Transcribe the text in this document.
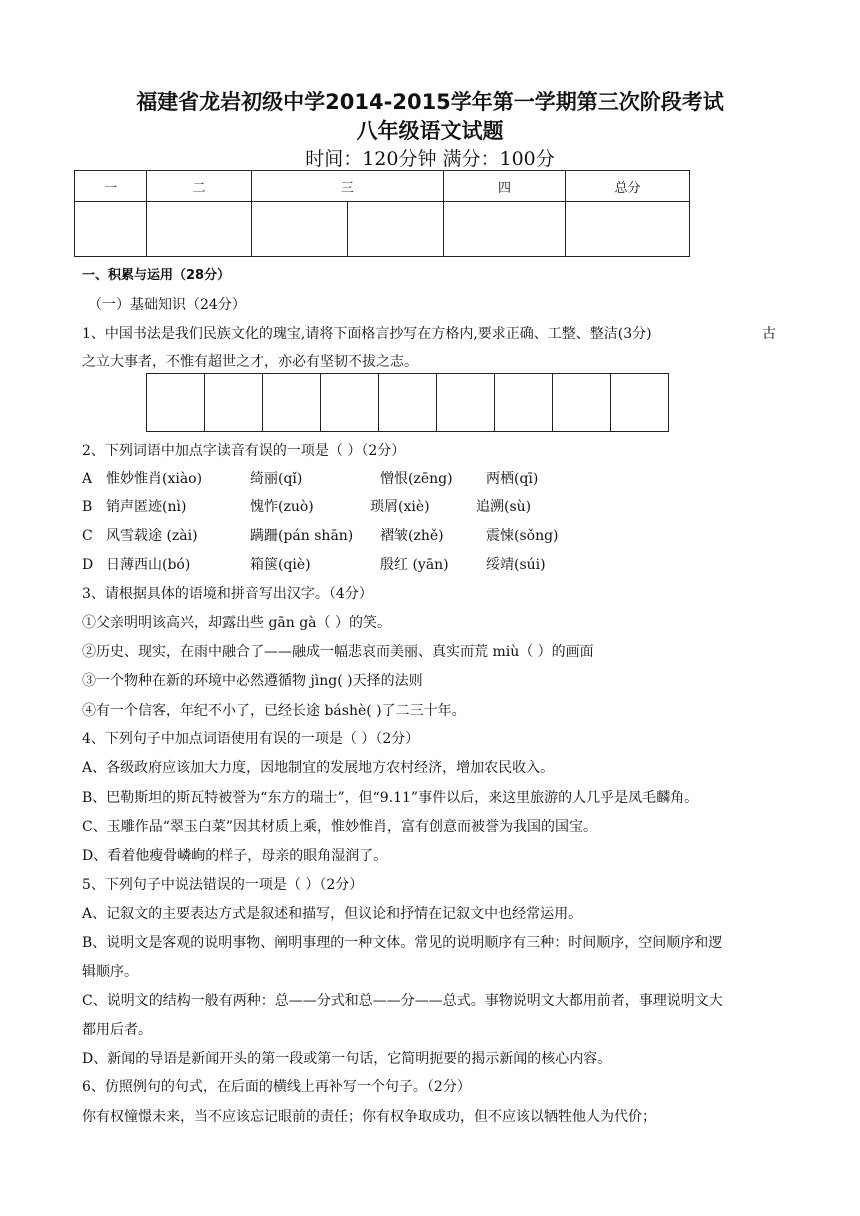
福建省龙岩初级中学2014-2015学年第一学期第三次阶段考试
八年级语文试题
时间：120分钟 满分：100分
一	二	三		四	总分

一、积累与运用（28分）
（一）基础知识（24分）
1、中国书法是我们民族文化的瑰宝,请将下面格言抄写在方格内,要求正确、工整、整洁(3分)	古
之立大事者，不惟有超世之才，亦必有坚韧不拔之志。

2、下列词语中加点字读音有误的一项是（ ）（2分）
A 惟妙惟肖(xiào)	绮丽(qǐ)	憎恨(zēng) 两栖(qī)
B 销声匿迹(nì)	愧怍(zuò)	琐屑(xiè)	追溯(sù)
C 风雪载途 (zài)	蹒跚(pán shān) 褶皱(zhě)	震悚(sǒng)
D 日薄西山(bó)	箱箧(qiè)	殷红 (yān)	绥靖(súi)
3、请根据具体的语境和拼音写出汉字。（4分）
①父亲明明该高兴，却露出些 gān gà（ ）的笑。
②历史、现实，在雨中融合了——融成一幅悲哀而美丽、真实而荒 miù（ ）的画面
③一个物种在新的环境中必然遵循物 jìng( )天择的法则
④有一个信客，年纪不小了，已经长途 báshè( )了二三十年。
4、下列句子中加点词语使用有误的一项是（ ）（2分）
A、各级政府应该加大力度，因地制宜的发展地方农村经济，增加农民收入。
B、巴勒斯坦的斯瓦特被誉为“东方的瑞士”，但“9.11”事件以后，来这里旅游的人几乎是凤毛麟角。
C、玉雕作品“翠玉白菜”因其材质上乘，惟妙惟肖，富有创意而被誉为我国的国宝。
D、看着他瘦骨嶙峋的样子，母亲的眼角湿润了。
5、下列句子中说法错误的一项是（ ）（2分）
A、记叙文的主要表达方式是叙述和描写，但议论和抒情在记叙文中也经常运用。
B、说明文是客观的说明事物、阐明事理的一种文体。常见的说明顺序有三种：时间顺序，空间顺序和逻
辑顺序。
C、说明文的结构一般有两种：总——分式和总——分——总式。事物说明文大都用前者，事理说明文大
都用后者。
D、新闻的导语是新闻开头的第一段或第一句话，它简明扼要的揭示新闻的核心内容。
6、仿照例句的句式，在后面的横线上再补写一个句子。（2分）
你有权憧憬未来，当不应该忘记眼前的责任；你有权争取成功，但不应该以牺牲他人为代价；
